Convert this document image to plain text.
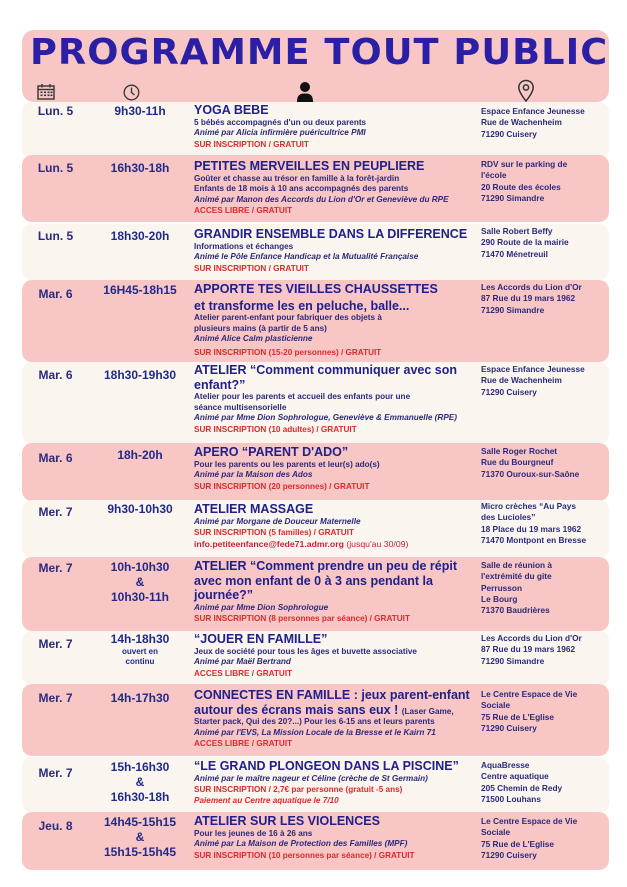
PROGRAMME TOUT PUBLIC
Lun. 5	9h30-11h	YOGA BEBE
5 bébés accompagnés d'un ou deux parents
Animé par Alicia infirmière puéricultrice PMI
SUR INSCRIPTION / GRATUIT
Espace Enfance Jeunesse
Rue de Wachenheim
71290 Cuisery
Lun. 5	16h30-18h	PETITES MERVEILLES EN PEUPLIERE
Goûter et chasse au trésor en famille à la forêt-jardin
Enfants de 18 mois à 10 ans accompagnés des parents
Animé par Manon des Accords du Lion d'Or et Geneviève du RPE
ACCES LIBRE / GRATUIT
RDV sur le parking de
l'école
20 Route des écoles
71290 Simandre
Lun. 5	18h30-20h	GRANDIR ENSEMBLE DANS LA DIFFERENCE
Informations et échanges
Animé le Pôle Enfance Handicap et la Mutualité Française
SUR INSCRIPTION / GRATUIT
Salle Robert Beffy
290 Route de la mairie
71470 Ménetreuil
Mar. 6	16H45-18h15	APPORTE TES VIEILLES CHAUSSETTES
et transforme les en peluche, balle...
Atelier parent-enfant pour fabriquer des objets à
plusieurs mains (à partir de 5 ans)
Animé Alice Calm plasticienne
SUR INSCRIPTION (15-20 personnes) / GRATUIT
Les Accords du Lion d'Or
87 Rue du 19 mars 1962
71290 Simandre
Mar. 6	18h30-19h30	ATELIER “Comment communiquer avec son
enfant?”
Atelier pour les parents et accueil des enfants pour une
séance multisensorielle
Animé par Mme Dion Sophrologue, Geneviève & Emmanuelle (RPE)
SUR INSCRIPTION (10 adultes) / GRATUIT
Espace Enfance Jeunesse
Rue de Wachenheim
71290 Cuisery
Mar. 6	18h-20h	APERO “PARENT D'ADO”
Pour les parents ou les parents et leur(s) ado(s)
Animé par la Maison des Ados
SUR INSCRIPTION (20 personnes) / GRATUIT
Salle Roger Rochet
Rue du Bourgneuf
71370 Ouroux-sur-Saône
Mer. 7	9h30-10h30	ATELIER MASSAGE
Animé par Morgane de Douceur Maternelle
SUR INSCRIPTION (5 familles) / GRATUIT
info.petiteenfance@fede71.admr.org (jusqu'au 30/09)
Micro crèches “Au Pays
des Lucioles”
18 Place du 19 mars 1962
71470 Montpont en Bresse
Mer. 7	10h-10h30
&
10h30-11h
ATELIER “Comment prendre un peu de répit
avec mon enfant de 0 à 3 ans pendant la
journée?”
Animé par Mme Dion Sophrologue
SUR INSCRIPTION (8 personnes par séance) / GRATUIT
Salle de réunion à
l'extrémité du gite
Perrusson
Le Bourg
71370 Baudrières
Mer. 7	14h-18h30
ouvert en
continu
“JOUER EN FAMILLE”
Jeux de société pour tous les âges et buvette associative
Animé par Maël Bertrand
ACCES LIBRE / GRATUIT
Les Accords du Lion d'Or
87 Rue du 19 mars 1962
71290 Simandre
Mer. 7	14h-17h30	CONNECTES EN FAMILLE : jeux parent-enfant
autour des écrans mais sans eux ! (Laser Game,
Starter pack, Qui des 20?...) Pour les 6-15 ans et leurs parents
Animé par l'EVS, La Mission Locale de la Bresse et le Kairn 71
ACCES LIBRE / GRATUIT
Le Centre Espace de Vie
Sociale
75 Rue de L'Eglise
71290 Cuisery
Mer. 7	15h-16h30
&
16h30-18h
“LE GRAND PLONGEON DANS LA PISCINE”
Animé par le maître nageur et Céline (crèche de St Germain)
SUR INSCRIPTION / 2,7€ par personne (gratuit -5 ans)
Paiement au Centre aquatique le 7/10
AquaBresse
Centre aquatique
205 Chemin de Redy
71500 Louhans
Jeu. 8	14h45-15h15
&
15h15-15h45
ATELIER SUR LES VIOLENCES
Pour les jeunes de 16 à 26 ans
Animé par La Maison de Protection des Familles (MPF)
SUR INSCRIPTION (10 personnes par séance) / GRATUIT
Le Centre Espace de Vie
Sociale
75 Rue de L'Eglise
71290 Cuisery
